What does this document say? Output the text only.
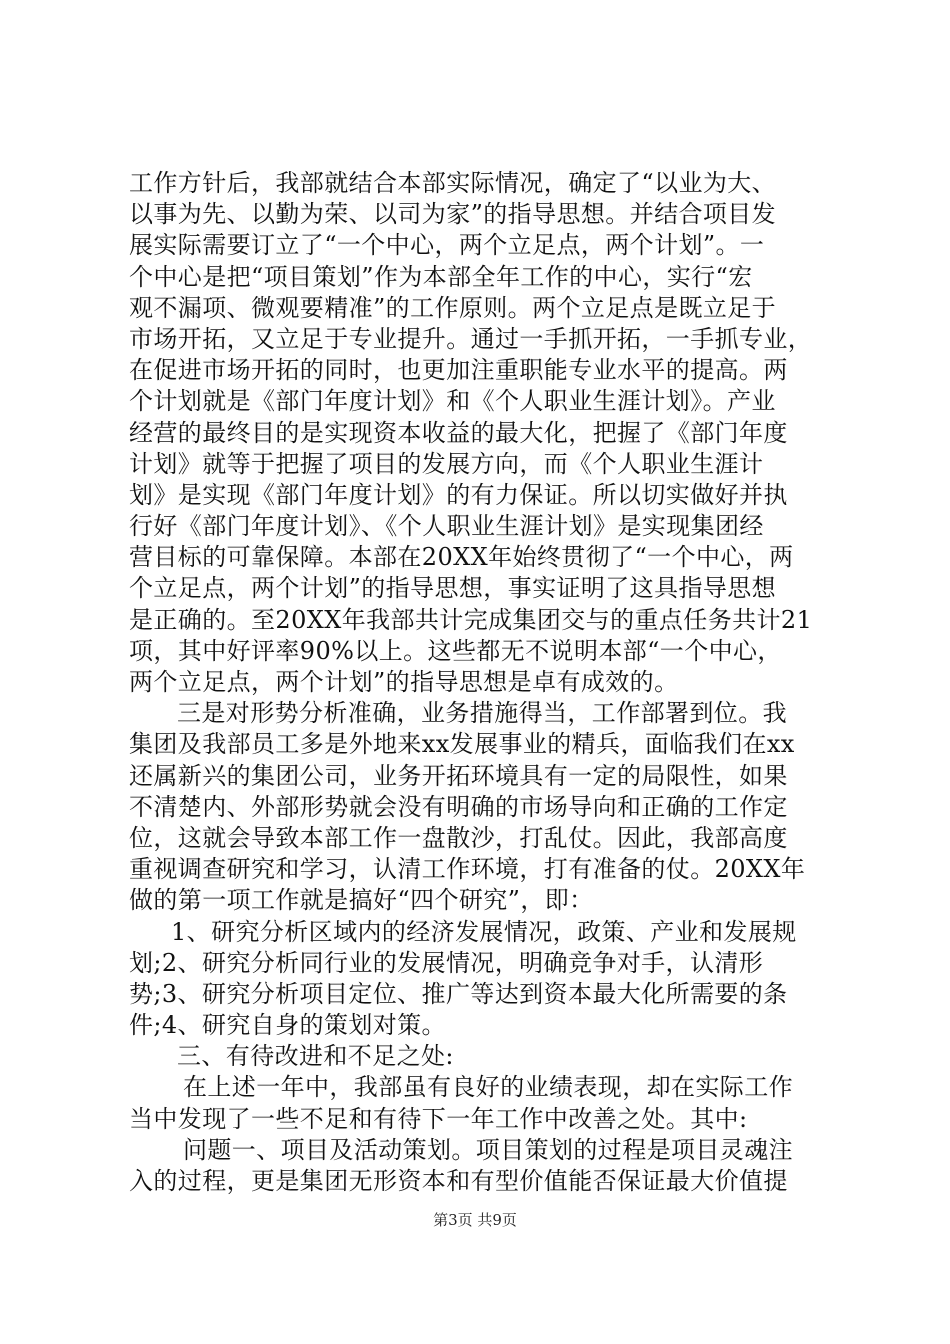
工作方针后，我部就结合本部实际情况，确定了“以业为大、
以事为先、以勤为荣、以司为家”的指导思想。并结合项目发
展实际需要订立了“一个中心，两个立足点，两个计划”。一
个中心是把“项目策划”作为本部全年工作的中心，实行“宏
观不漏项、微观要精准”的工作原则。两个立足点是既立足于
市场开拓，又立足于专业提升。通过一手抓开拓，一手抓专业，
在促进市场开拓的同时，也更加注重职能专业水平的提高。两
个计划就是《部门年度计划》和《个人职业生涯计划》。产业
经营的最终目的是实现资本收益的最大化，把握了《部门年度
计划》就等于把握了项目的发展方向，而《个人职业生涯计
划》是实现《部门年度计划》的有力保证。所以切实做好并执
行好《部门年度计划》、《个人职业生涯计划》是实现集团经
营目标的可靠保障。本部在20XX年始终贯彻了“一个中心，两
个立足点，两个计划”的指导思想，事实证明了这具指导思想
是正确的。至20XX年我部共计完成集团交与的重点任务共计21
项，其中好评率90%以上。这些都无不说明本部“一个中心，
两个立足点，两个计划”的指导思想是卓有成效的。
三是对形势分析准确，业务措施得当，工作部署到位。我
集团及我部员工多是外地来xx发展事业的精兵，面临我们在xx
还属新兴的集团公司，业务开拓环境具有一定的局限性，如果
不清楚内、外部形势就会没有明确的市场导向和正确的工作定
位，这就会导致本部工作一盘散沙，打乱仗。因此，我部高度
重视调查研究和学习，认清工作环境，打有准备的仗。20XX年
做的第一项工作就是搞好“四个研究”，即：
1、研究分析区域内的经济发展情况，政策、产业和发展规
划;2、研究分析同行业的发展情况，明确竞争对手，认清形
势;3、研究分析项目定位、推广等达到资本最大化所需要的条
件;4、研究自身的策划对策。
三、有待改进和不足之处:
在上述一年中，我部虽有良好的业绩表现，却在实际工作
当中发现了一些不足和有待下一年工作中改善之处。其中:
问题一、项目及活动策划。项目策划的过程是项目灵魂注
入的过程，更是集团无形资本和有型价值能否保证最大价值提
第3页 共9页
